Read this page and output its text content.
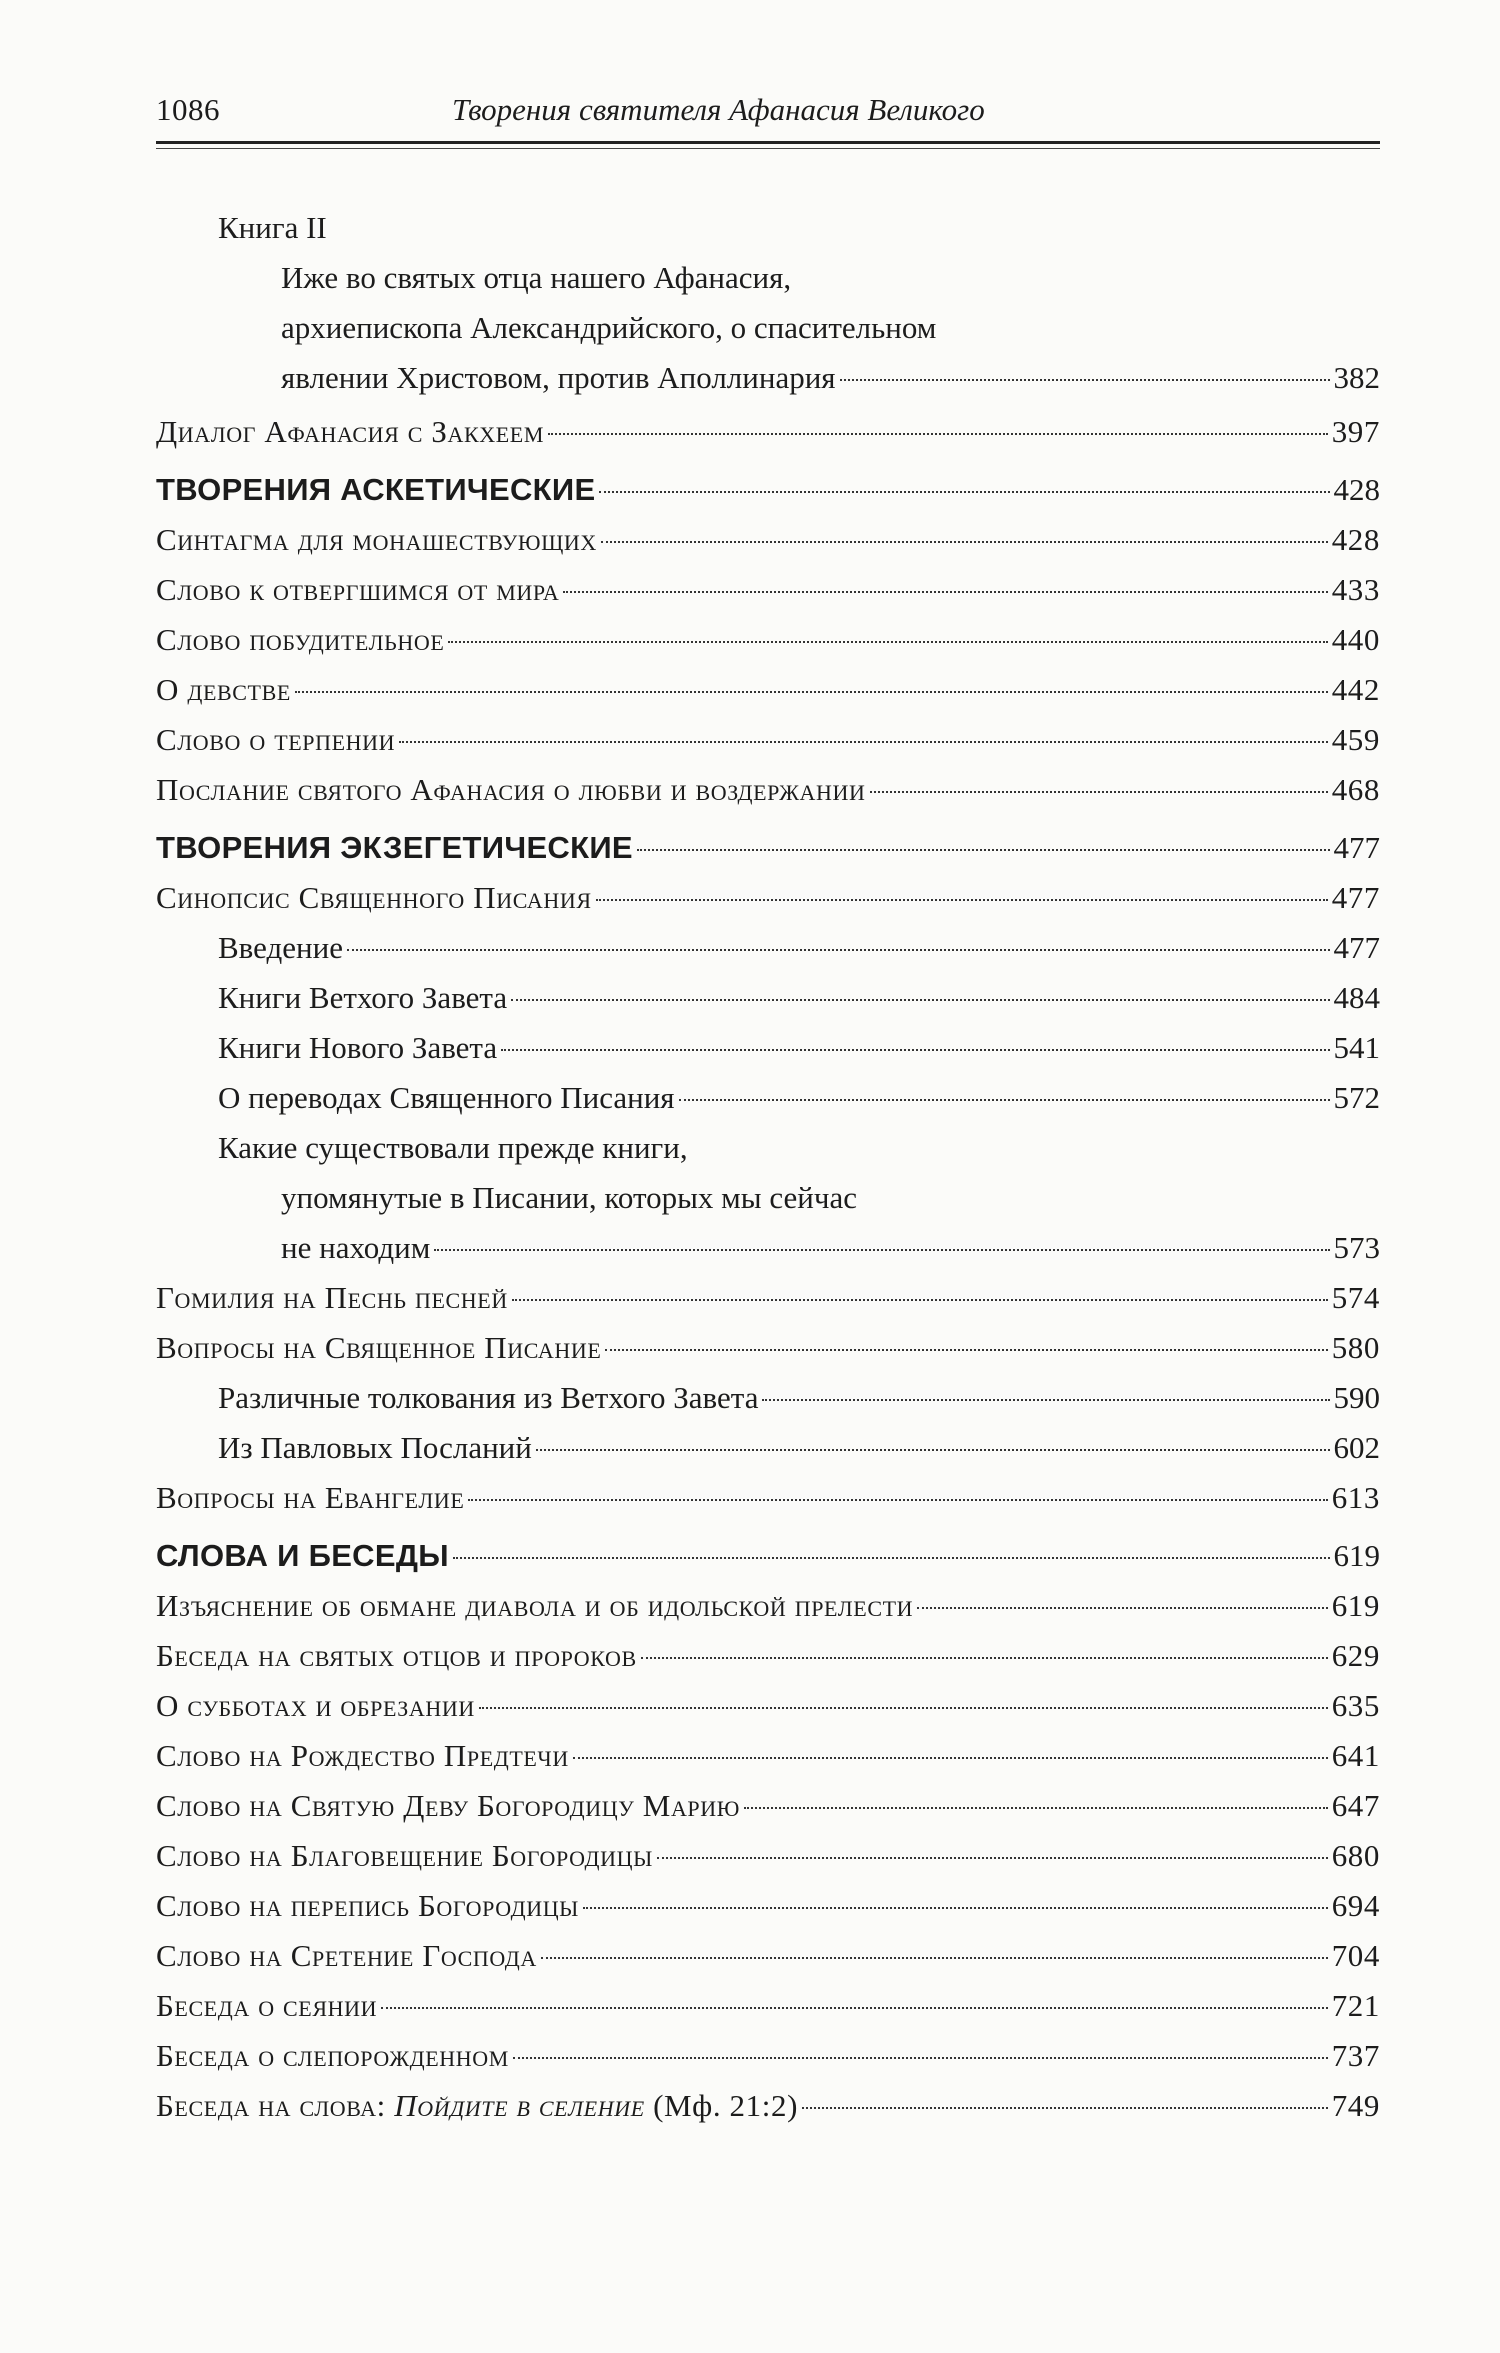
1086	Творения святителя Афанасия Великого
Книга II
Иже во святых отца нашего Афанасия,
архиепископа Александрийского, о спасительном
явлении Христовом, против Аполлинария	382
Диалог Афанасия с Закхеем	397
ТВОРЕНИЯ АСКЕТИЧЕСКИЕ	428
Синтагма для монашествующих	428
Слово к отвергшимся от мира	433
Слово побудительное	440
О девстве	442
Слово о терпении	459
Послание святого Афанасия о любви и воздержании	468
ТВОРЕНИЯ ЭКЗЕГЕТИЧЕСКИЕ	477
Синопсис Священного Писания	477
Введение	477
Книги Ветхого Завета	484
Книги Нового Завета	541
О переводах Священного Писания	572
Какие существовали прежде книги,
упомянутые в Писании, которых мы сейчас
не находим	573
Гомилия на Песнь песней	574
Вопросы на Священное Писание	580
Различные толкования из Ветхого Завета	590
Из Павловых Посланий	602
Вопросы на Евангелие	613
СЛОВА И БЕСЕДЫ	619
Изъяснение об обмане диавола и об идольской прелести	619
Беседа на святых отцов и пророков	629
О субботах и обрезании	635
Слово на Рождество Предтечи	641
Слово на Святую Деву Богородицу Марию	647
Слово на Благовещение Богородицы	680
Слово на перепись Богородицы	694
Слово на Сретение Господа	704
Беседа о сеянии	721
Беседа о слепорожденном	737
Беседа на слова: Пойдите в селение (Мф. 21:2)	749
